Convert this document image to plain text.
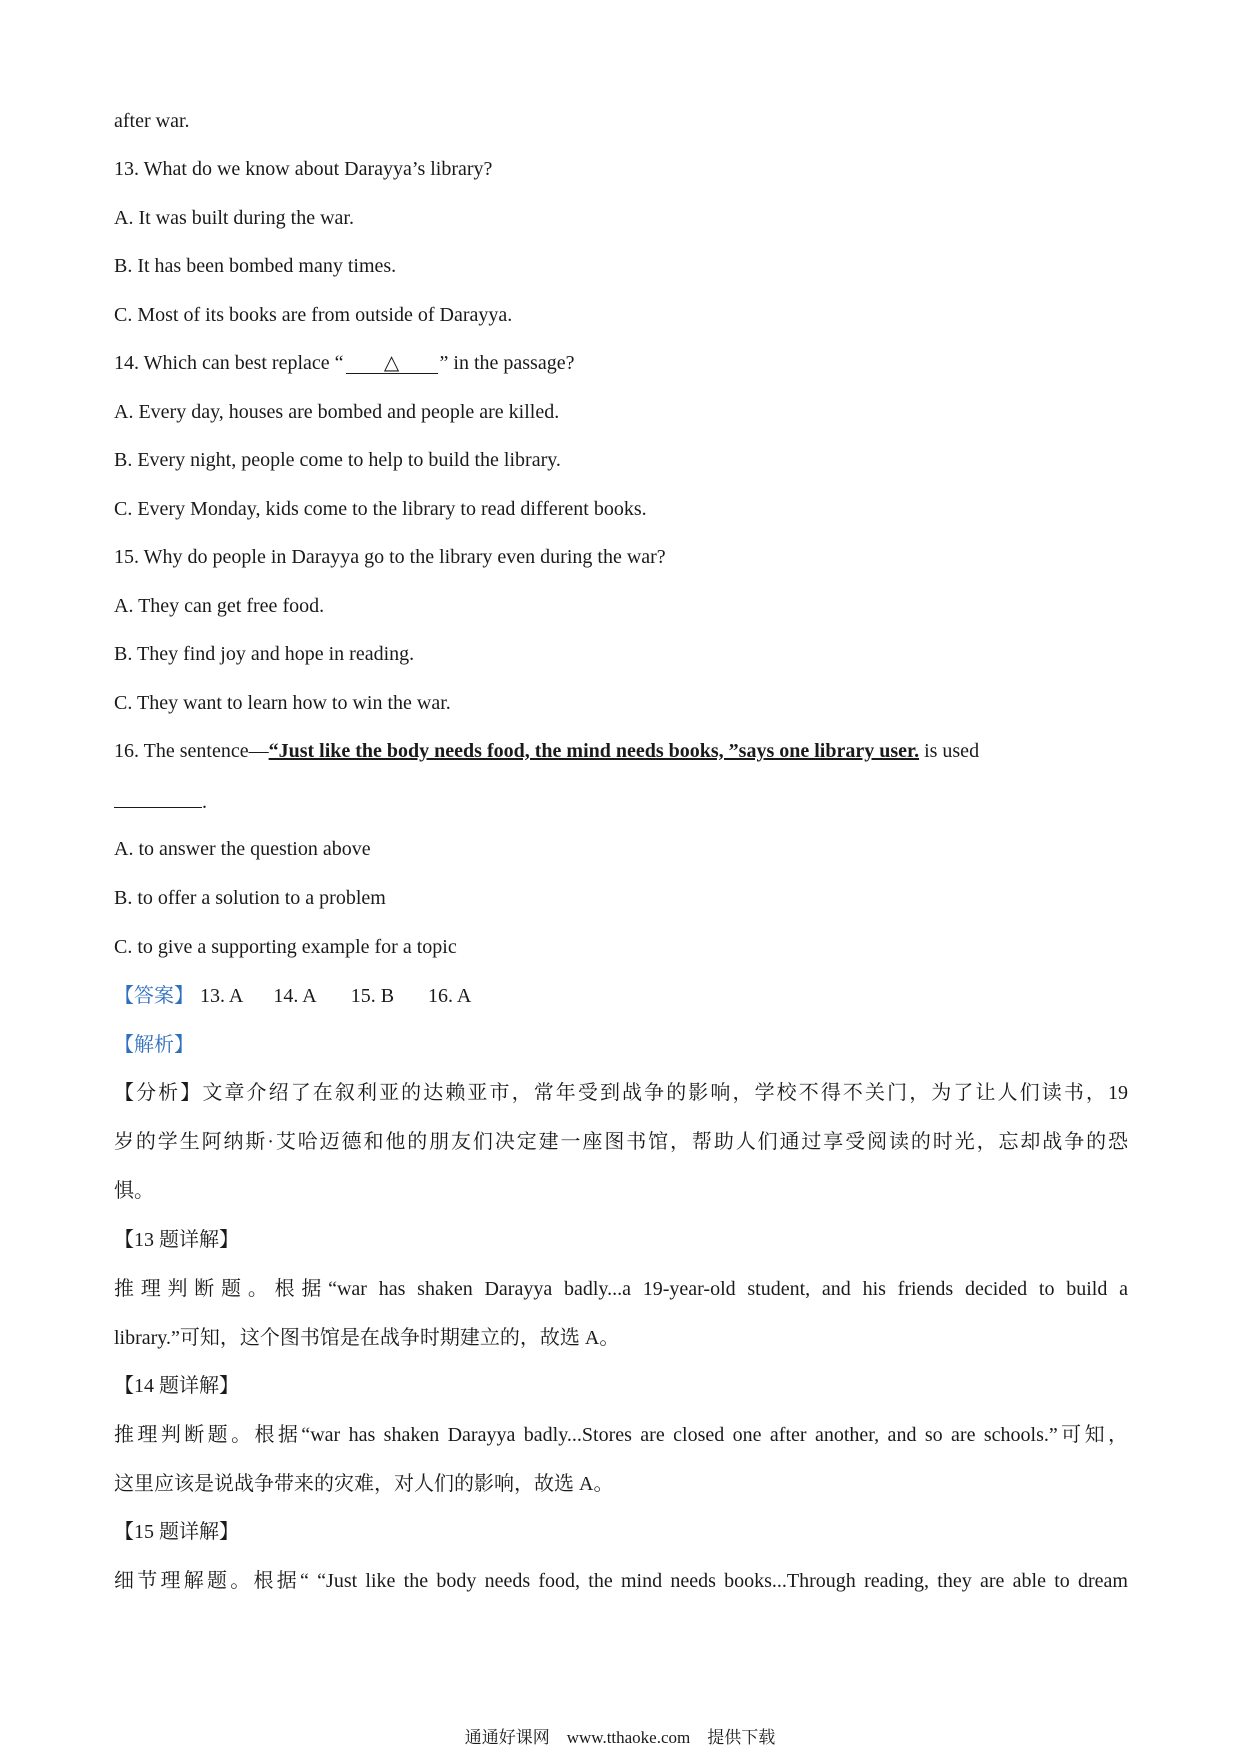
after war.
13. What do we know about Darayya’s library?
A. It was built during the war.
B. It has been bombed many times.
C. Most of its books are from outside of Darayya.
14. Which can best replace “ △ ” in the passage?
A. Every day, houses are bombed and people are killed.
B. Every night, people come to help to build the library.
C. Every Monday, kids come to the library to read different books.
15. Why do people in Darayya go to the library even during the war?
A. They can get free food.
B. They find joy and hope in reading.
C. They want to learn how to win the war.
16. The sentence—“Just like the body needs food, the mind needs books, ”says one library user. is used
.
A. to answer the question above
B. to offer a solution to a problem
C. to give a supporting example for a topic
【答案】 13. A 14. A 15. B 16. A
【解析】
【分析】文章介绍了在叙利亚的达赖亚市，常年受到战争的影响，学校不得不关门，为了让人们读书，19
岁的学生阿纳斯·艾哈迈德和他的朋友们决定建一座图书馆，帮助人们通过享受阅读的时光，忘却战争的恐
惧。
【13 题详解】
推理判断题。根据“war has shaken Darayya badly...a 19-year-old student, and his friends decided to build a
library.”可知，这个图书馆是在战争时期建立的，故选 A。
【14 题详解】
推理判断题。根据“war has shaken Darayya badly...Stores are closed one after another, and so are schools.”可知，
这里应该是说战争带来的灾难，对人们的影响，故选 A。
【15 题详解】
细节理解题。根据“ “Just like the body needs food, the mind needs books...Through reading, they are able to dream
通通好课网　www.tthaoke.com　提供下载
